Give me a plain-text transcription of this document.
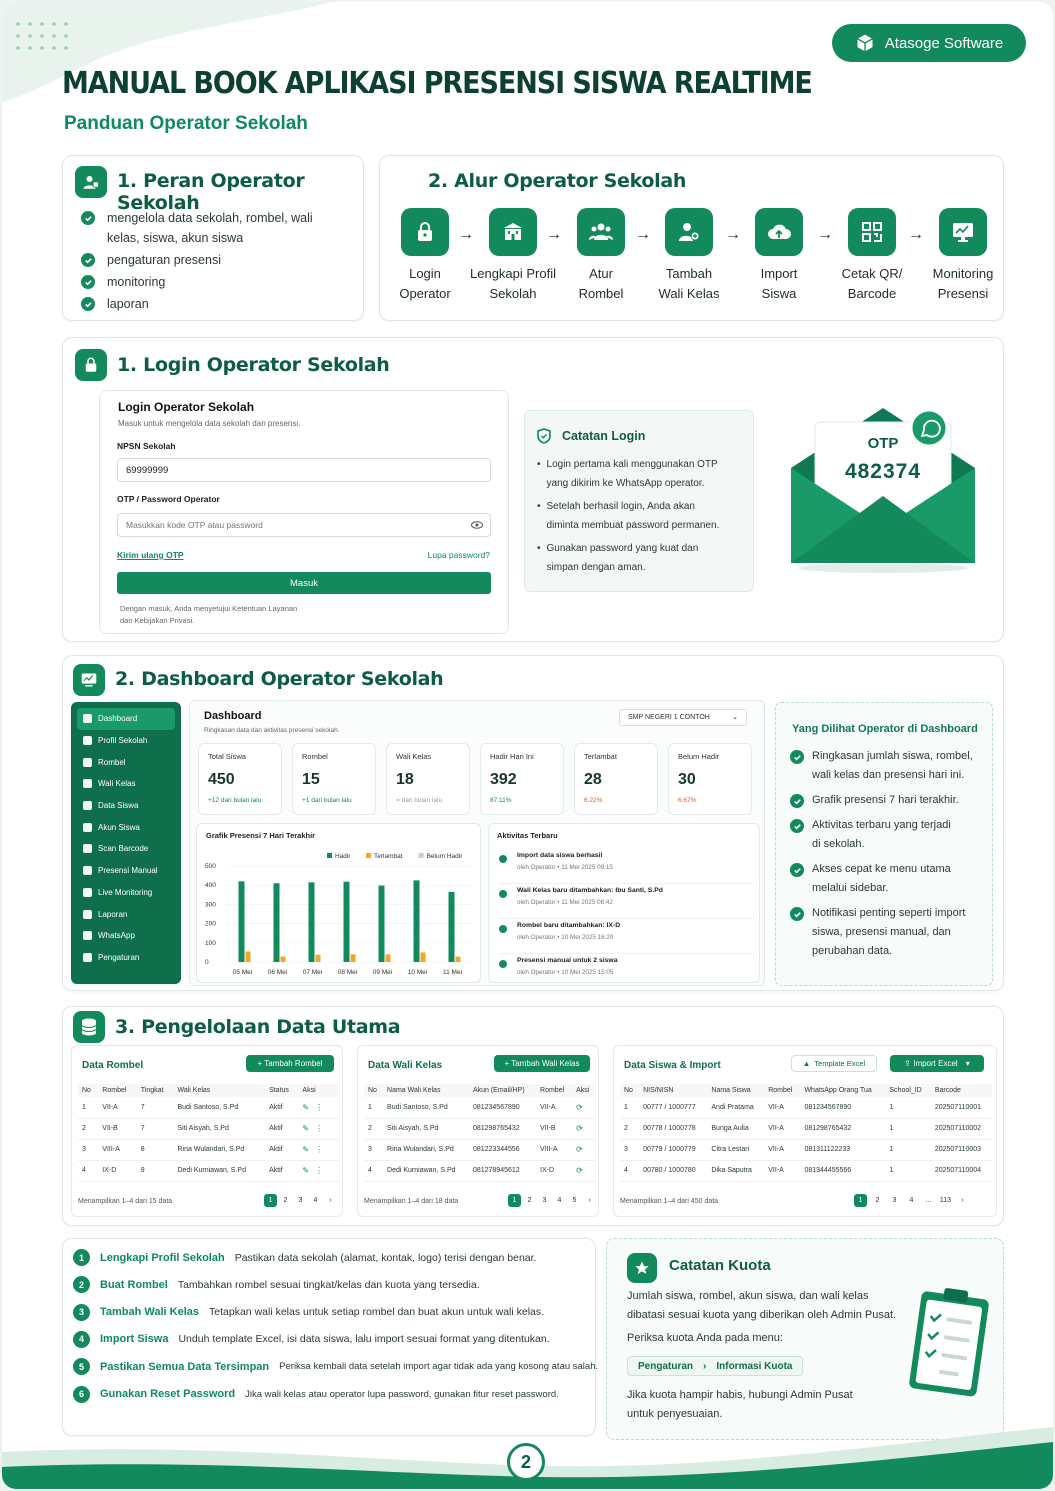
Atasoge Software
MANUAL BOOK APLIKASI PRESENSI SISWA REALTIME
Panduan Operator Sekolah
1. Peran Operator Sekolah
mengelola data sekolah, rombel, wali kelas, siswa, akun siswa
pengaturan presensi
monitoring
laporan
2. Alur Operator Sekolah
Login
Operator
→
Lengkapi Profil
Sekolah
→
Atur
Rombel
→
Tambah
Wali Kelas
→
Import
Siswa
→
Cetak QR/
Barcode
→
Monitoring
Presensi
1. Login Operator Sekolah
Login Operator Sekolah
Masuk untuk mengelola data sekolah dan presensi.
NPSN Sekolah
69999999
OTP / Password Operator
Masukkan kode OTP atau password
Kirim ulang OTP	Lupa password?
Masuk
Dengan masuk, Anda menyetujui Ketentuan Layanan
dan Kebijakan Privasi.
Catatan Login
• Login pertama kali menggunakan OTP
yang dikirim ke WhatsApp operator.
• Setelah berhasil login, Anda akan
diminta membuat password permanen.
• Gunakan password yang kuat dan
simpan dengan aman.
OTP
482374
2. Dashboard Operator Sekolah
Dashboard
Profil Sekolah
Rombel
Wali Kelas
Data Siswa
Akun Siswa
Scan Barcode
Presensi Manual
Live Monitoring
Laporan
WhatsApp
Pengaturan
Dashboard
Ringkasan data dan aktivitas presensi sekolah.
SMP NEGERI 1 CONTOH	⌄
Total Siswa
450
+12 dari bulan lalu
Rombel
15
+1 dari bulan lalu
Wali Kelas
18
= dari bulan lalu
Hadir Hari Ini
392
87.11%
Terlambat
28
6.22%
Belum Hadir
30
6.67%
Grafik Presensi 7 Hari Terakhir
Hadir	Terlambat	Belum Hadir
500
400
300
200
100
0
05 Mei 06 Mei 07 Mei 08 Mei 09 Mei 10 Mei 11 Mei
Aktivitas Terbaru
Import data siswa berhasil
oleh Operator • 11 Mei 2025 09:15
Wali Kelas baru ditambahkan: Ibu Santi, S.Pd
oleh Operator • 11 Mei 2025 08:42
Rombel baru ditambahkan: IX-D
oleh Operator • 10 Mei 2025 16:20
Presensi manual untuk 2 siswa
oleh Operator • 10 Mei 2025 15:05
Yang Dilihat Operator di Dashboard
Ringkasan jumlah siswa, rombel,
wali kelas dan presensi hari ini.
Grafik presensi 7 hari terakhir.
Aktivitas terbaru yang terjadi
di sekolah.
Akses cepat ke menu utama
melalui sidebar.
Notifikasi penting seperti import
siswa, presensi manual, dan
perubahan data.
3. Pengelolaan Data Utama
Data Rombel	+ Tambah Rombel
No	Rombel	Tingkat	Wali Kelas	Status	Aksi
1	VII-A	7	Budi Santoso, S.Pd	Aktif	✎ ⋮
2	VII-B	7	Siti Aisyah, S.Pd	Aktif	✎ ⋮
3	VIII-A	8	Rina Wulandari, S.Pd	Aktif	✎ ⋮
4	IX-D	9	Dedi Kurniawan, S.Pd	Aktif	✎ ⋮
Menampilkan 1–4 dari 15 data	1	2	3	4	›
Data Wali Kelas	+ Tambah Wali Kelas
No	Nama Wali Kelas	Akun (Email/HP)	Rombel	Aksi
1	Budi Santoso, S.Pd	081234567890	VII-A	⟳
2	Siti Aisyah, S.Pd	081298765432	VII-B	⟳
3	Rina Wulandari, S.Pd	081223344556	VIII-A	⟳
4	Dedi Kurniawan, S.Pd	081278945612	IX-D	⟳
Menampilkan 1–4 dari 18 data	1	2	3	4	5	›
Data Siswa & Import	▲ Template Excel	⇪ Import Excel ▾
No	NIS/NISN	Nama Siswa	Rombel	WhatsApp Orang Tua	School_ID	Barcode
1	00777 / 1000777	Andi Pratama	VII-A	081234567890	1	202507110001
2	00778 / 1000778	Bunga Aulia	VII-A	081298765432	1	202507110002
3	00779 / 1000779	Citra Lestari	VII-A	081311122233	1	202507110003
4	00780 / 1000780	Dika Saputra	VII-A	081344455566	1	202507110004
Menampilkan 1–4 dari 450 data	1	2	3	4	...	113	›
1	Lengkapi Profil Sekolah Pastikan data sekolah (alamat, kontak, logo) terisi dengan benar.
2	Buat Rombel Tambahkan rombel sesuai tingkat/kelas dan kuota yang tersedia.
3	Tambah Wali Kelas Tetapkan wali kelas untuk setiap rombel dan buat akun untuk wali kelas.
4	Import Siswa Unduh template Excel, isi data siswa, lalu import sesuai format yang ditentukan.
5	Pastikan Semua Data Tersimpan Periksa kembali data setelah import agar tidak ada yang kosong atau salah.
6	Gunakan Reset Password Jika wali kelas atau operator lupa password, gunakan fitur reset password.
Catatan Kuota
Jumlah siswa, rombel, akun siswa, dan wali kelas
dibatasi sesuai kuota yang diberikan oleh Admin Pusat.
Periksa kuota Anda pada menu:
Pengaturan › Informasi Kuota
Jika kuota hampir habis, hubungi Admin Pusat
untuk penyesuaian.
2
